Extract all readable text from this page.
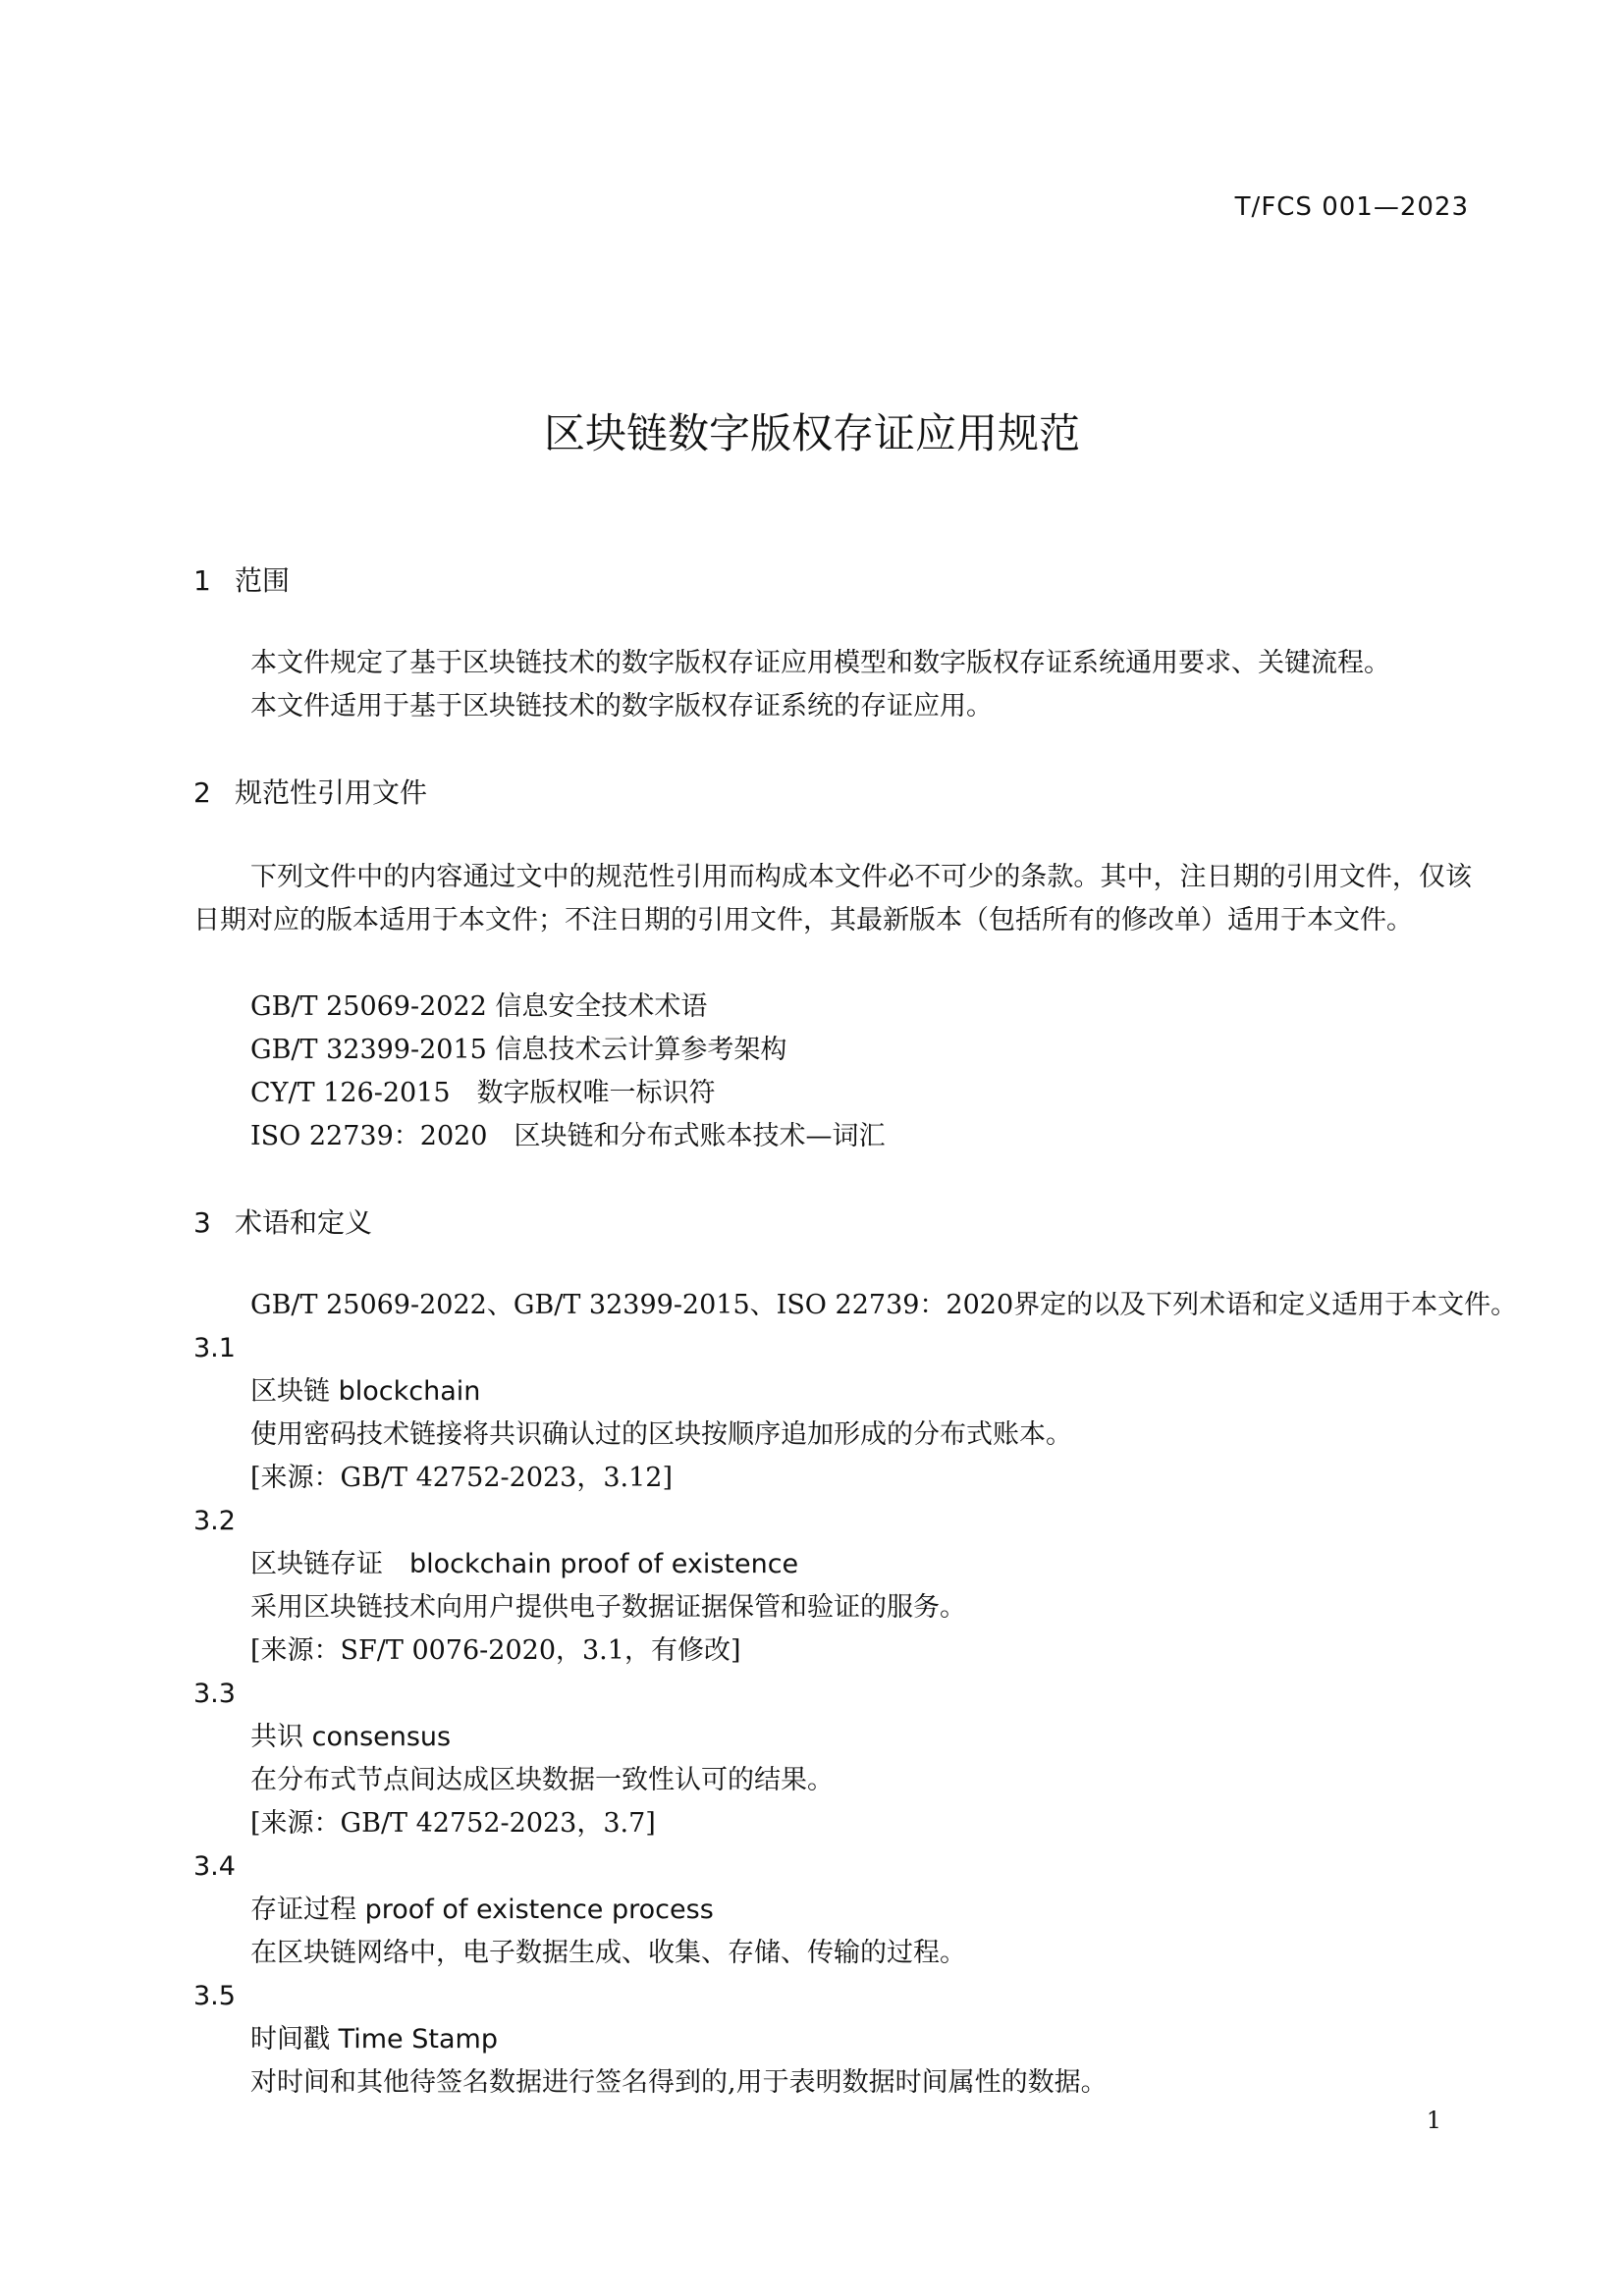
T/FCS 001—2023
区块链数字版权存证应用规范
1 范围
本文件规定了基于区块链技术的数字版权存证应用模型和数字版权存证系统通用要求、关键流程。
本文件适用于基于区块链技术的数字版权存证系统的存证应用。
2 规范性引用文件
下列文件中的内容通过文中的规范性引用而构成本文件必不可少的条款。其中，注日期的引用文件，仅该日期对应的版本适用于本文件；不注日期的引用文件，其最新版本（包括所有的修改单）适用于本文件。
GB/T 25069-2022 信息安全技术术语
GB/T 32399-2015 信息技术云计算参考架构
CY/T 126-2015　数字版权唯一标识符
ISO 22739：2020　区块链和分布式账本技术—词汇
3 术语和定义
GB/T 25069-2022、GB/T 32399-2015、ISO 22739：2020界定的以及下列术语和定义适用于本文件。
3.1
区块链 blockchain
使用密码技术链接将共识确认过的区块按顺序追加形成的分布式账本。
[来源：GB/T 42752-2023，3.12]
3.2
区块链存证　 blockchain proof of existence
采用区块链技术向用户提供电子数据证据保管和验证的服务。
[来源：SF/T 0076-2020，3.1，有修改]
3.3
共识 consensus
在分布式节点间达成区块数据一致性认可的结果。
[来源：GB/T 42752-2023，3.7]
3.4
存证过程 proof of existence process
在区块链网络中，电子数据生成、收集、存储、传输的过程。
3.5
时间戳 Time Stamp
对时间和其他待签名数据进行签名得到的,用于表明数据时间属性的数据。
1
